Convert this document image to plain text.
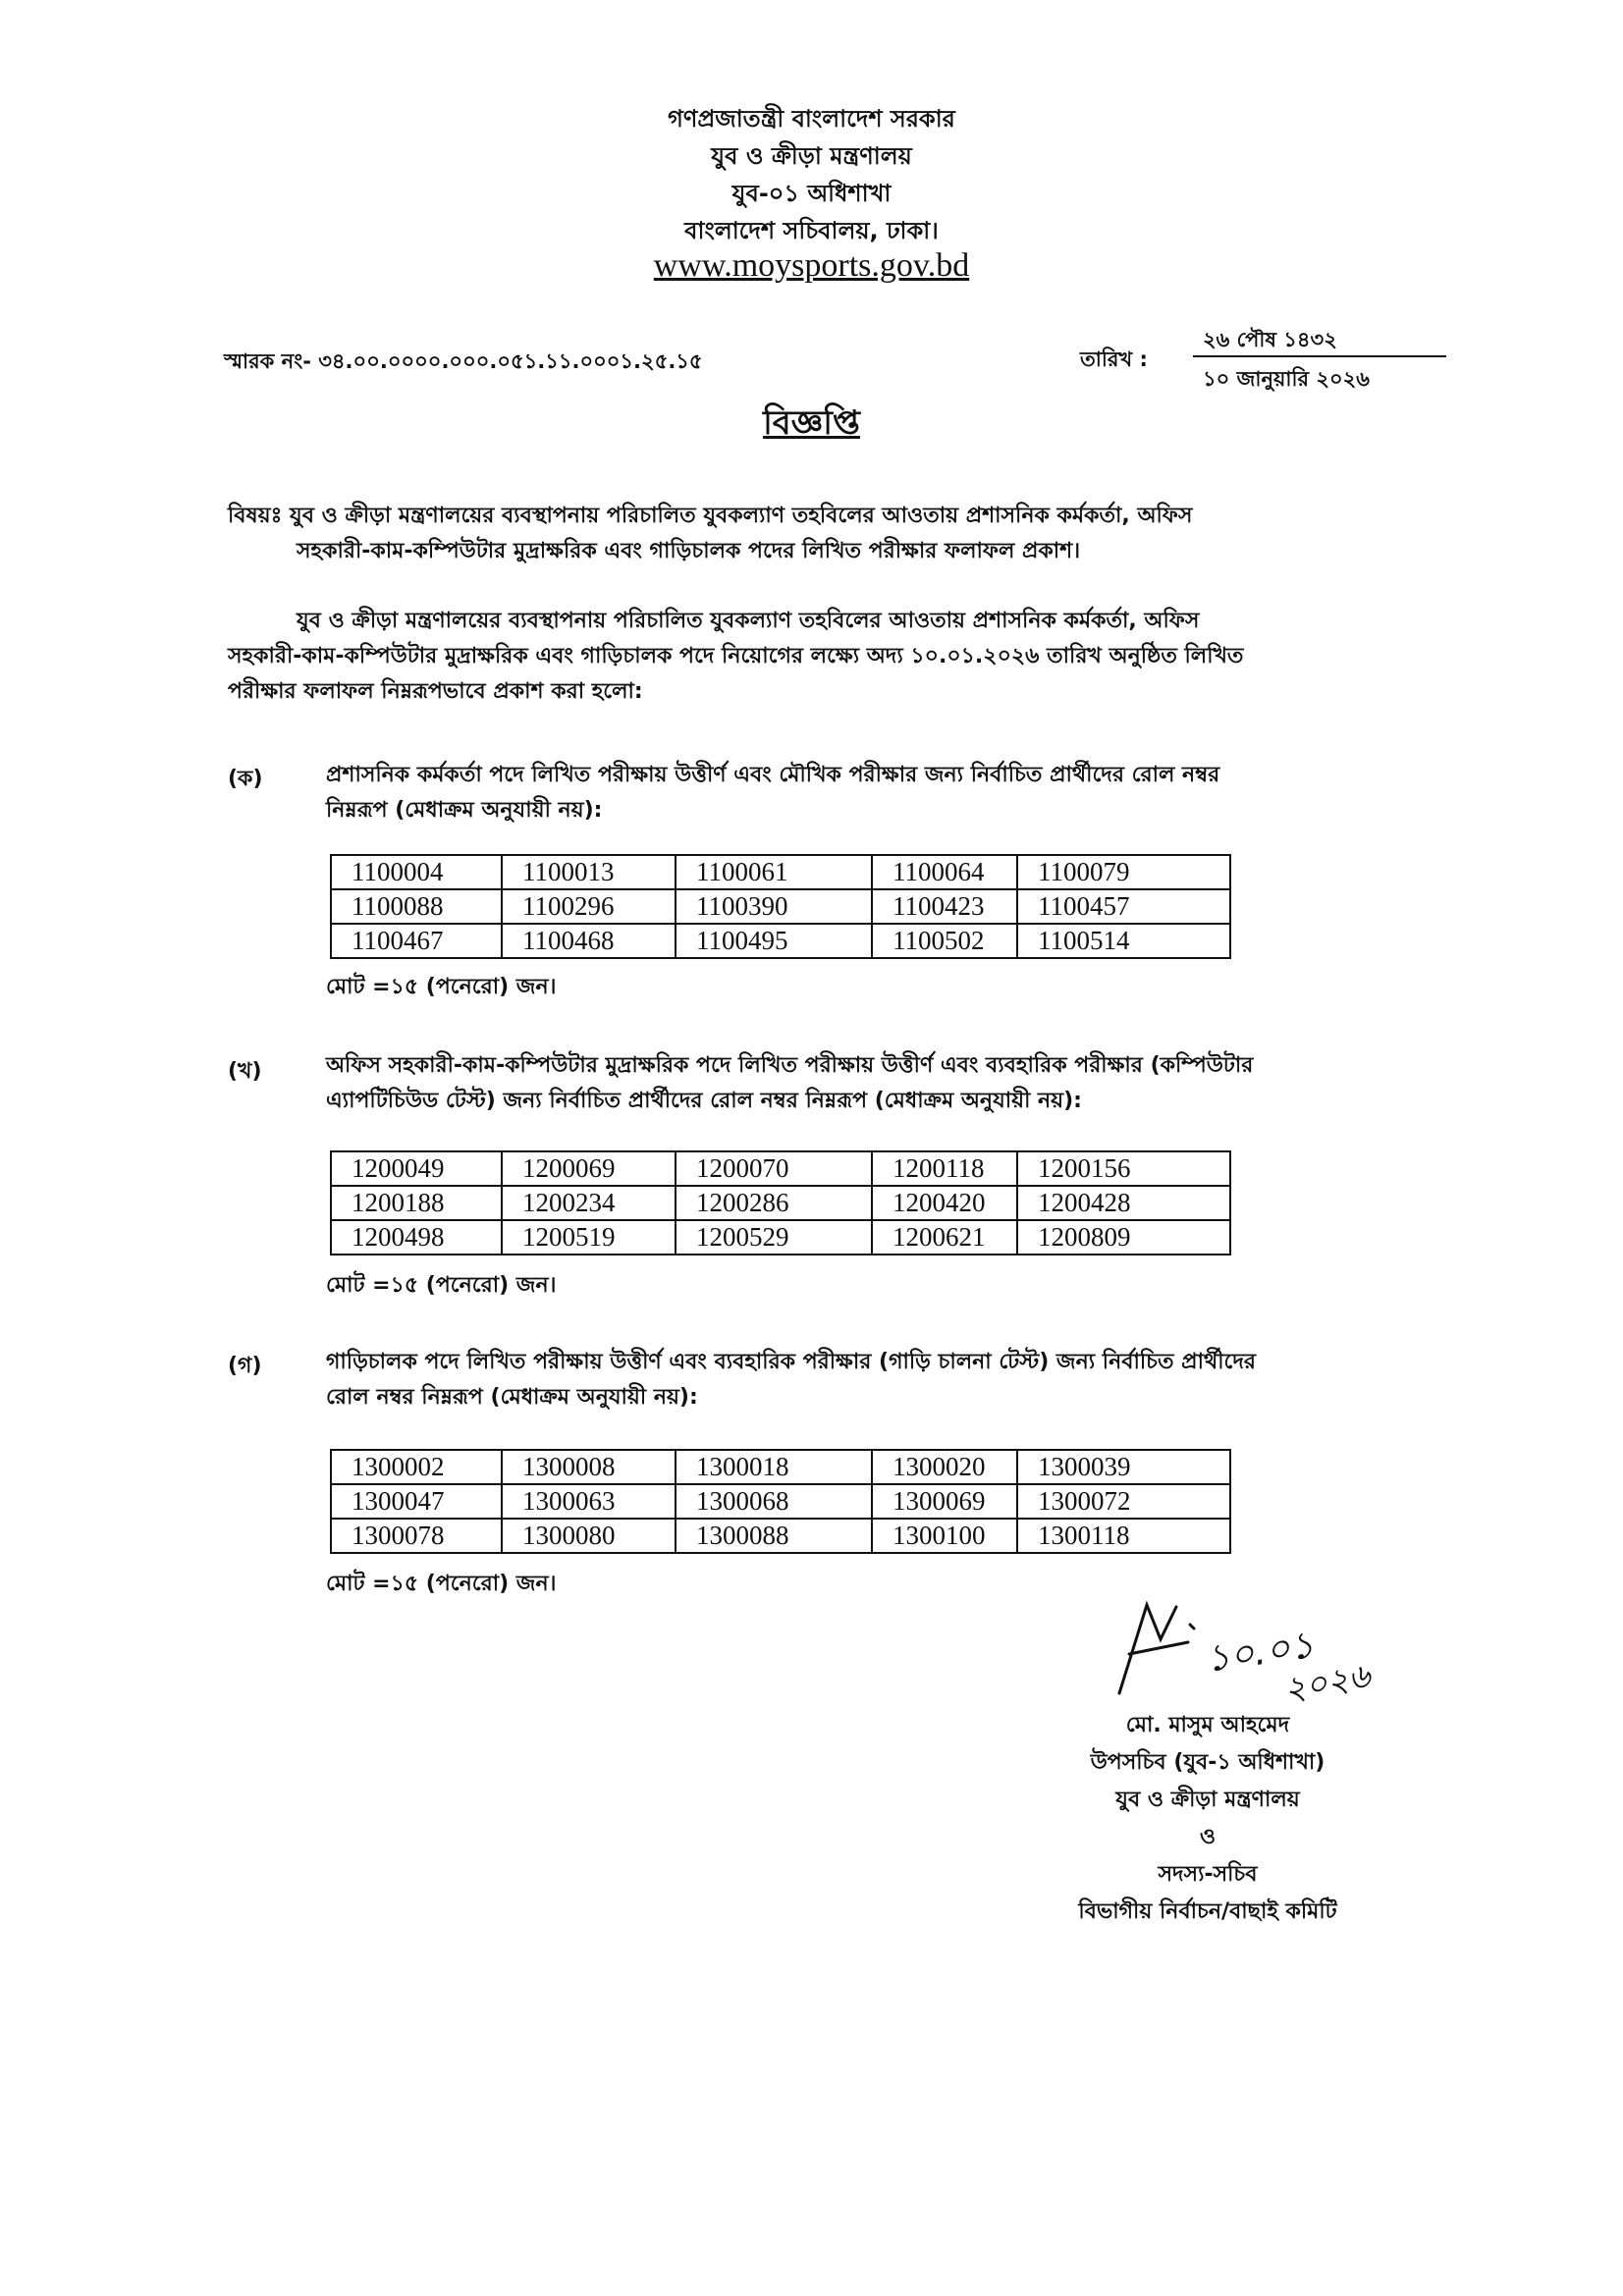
গণপ্রজাতন্ত্রী বাংলাদেশ সরকার
যুব ও ক্রীড়া মন্ত্রণালয়
যুব-০১ অধিশাখা
বাংলাদেশ সচিবালয়, ঢাকা।
www.moysports.gov.bd
স্মারক নং- ৩৪.০০.০০০০.০০০.০৫১.১১.০০০১.২৫.১৫	তারিখ :
২৬ পৌষ ১৪৩২
১০ জানুয়ারি ২০২৬
বিজ্ঞপ্তি
বিষয়ঃ যুব ও ক্রীড়া মন্ত্রণালয়ের ব্যবস্থাপনায় পরিচালিত যুবকল্যাণ তহবিলের আওতায় প্রশাসনিক কর্মকর্তা, অফিস
সহকারী-কাম-কম্পিউটার মুদ্রাক্ষরিক এবং গাড়িচালক পদের লিখিত পরীক্ষার ফলাফল প্রকাশ।
যুব ও ক্রীড়া মন্ত্রণালয়ের ব্যবস্থাপনায় পরিচালিত যুবকল্যাণ তহবিলের আওতায় প্রশাসনিক কর্মকর্তা, অফিস
সহকারী-কাম-কম্পিউটার মুদ্রাক্ষরিক এবং গাড়িচালক পদে নিয়োগের লক্ষ্যে অদ্য ১০.০১.২০২৬ তারিখ অনুষ্ঠিত লিখিত
পরীক্ষার ফলাফল নিম্নরূপভাবে প্রকাশ করা হলো:
(ক)	প্রশাসনিক কর্মকর্তা পদে লিখিত পরীক্ষায় উত্তীর্ণ এবং মৌখিক পরীক্ষার জন্য নির্বাচিত প্রার্থীদের রোল নম্বর
নিম্নরূপ (মেধাক্রম অনুযায়ী নয়):
1100004	1100013	1100061	1100064	1100079
1100088	1100296	1100390	1100423	1100457
1100467	1100468	1100495	1100502	1100514
মোট =১৫ (পনেরো) জন।
(খ)	অফিস সহকারী-কাম-কম্পিউটার মুদ্রাক্ষরিক পদে লিখিত পরীক্ষায় উত্তীর্ণ এবং ব্যবহারিক পরীক্ষার (কম্পিউটার
এ্যাপটিচিউড টেস্ট) জন্য নির্বাচিত প্রার্থীদের রোল নম্বর নিম্নরূপ (মেধাক্রম অনুযায়ী নয়):
1200049	1200069	1200070	1200118	1200156
1200188	1200234	1200286	1200420	1200428
1200498	1200519	1200529	1200621	1200809
মোট =১৫ (পনেরো) জন।
(গ)	গাড়িচালক পদে লিখিত পরীক্ষায় উত্তীর্ণ এবং ব্যবহারিক পরীক্ষার (গাড়ি চালনা টেস্ট) জন্য নির্বাচিত প্রার্থীদের
রোল নম্বর নিম্নরূপ (মেধাক্রম অনুযায়ী নয়):
1300002	1300008	1300018	1300020	1300039
1300047	1300063	1300068	1300069	1300072
1300078	1300080	1300088	1300100	1300118
মোট =১৫ (পনেরো) জন।
১০.০১
২০২৬
মো. মাসুম আহমেদ
উপসচিব (যুব-১ অধিশাখা)
যুব ও ক্রীড়া মন্ত্রণালয়
ও
সদস্য-সচিব
বিভাগীয় নির্বাচন/বাছাই কমিটি
